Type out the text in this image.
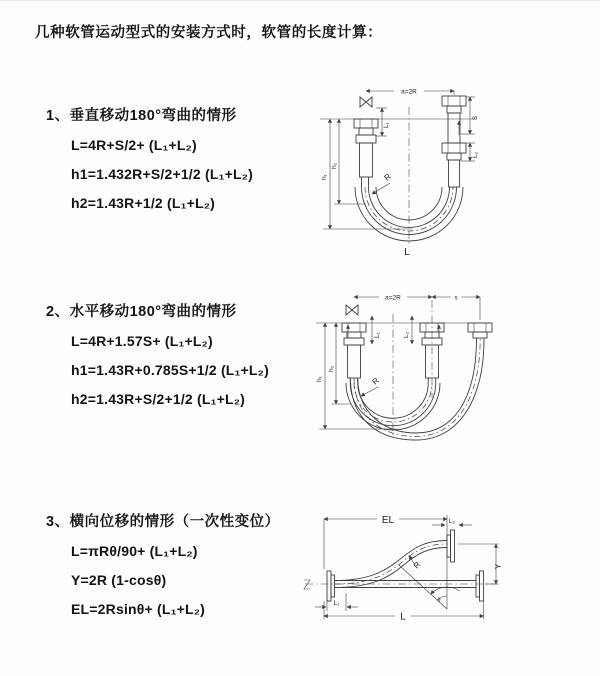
几种软管运动型式的安装方式时，软管的长度计算：
1、垂直移动180°弯曲的情形
L=4R+S/2+ (L₁+L₂)
h1=1.432R+S/2+1/2 (L₁+L₂)
h2=1.43R+1/2 (L₁+L₂)
2、水平移动180°弯曲的情形
L=4R+1.57S+ (L₁+L₂)
h1=1.43R+0.785S+1/2 (L₁+L₂)
h2=1.43R+S/2+1/2 (L₁+L₂)
3、横向位移的情形（一次性变位）
L=πRθ/90+ (L₁+L₂)
Y=2R (1-cosθ)
EL=2Rsinθ+ (L₁+L₂)
a=2R
h₁
h₂
L₁
S
L₂
R
L
a=2R	s
h₁
h₂
L₁	L₂
R
EL	L₂
Y
L₁
L
θ
R
